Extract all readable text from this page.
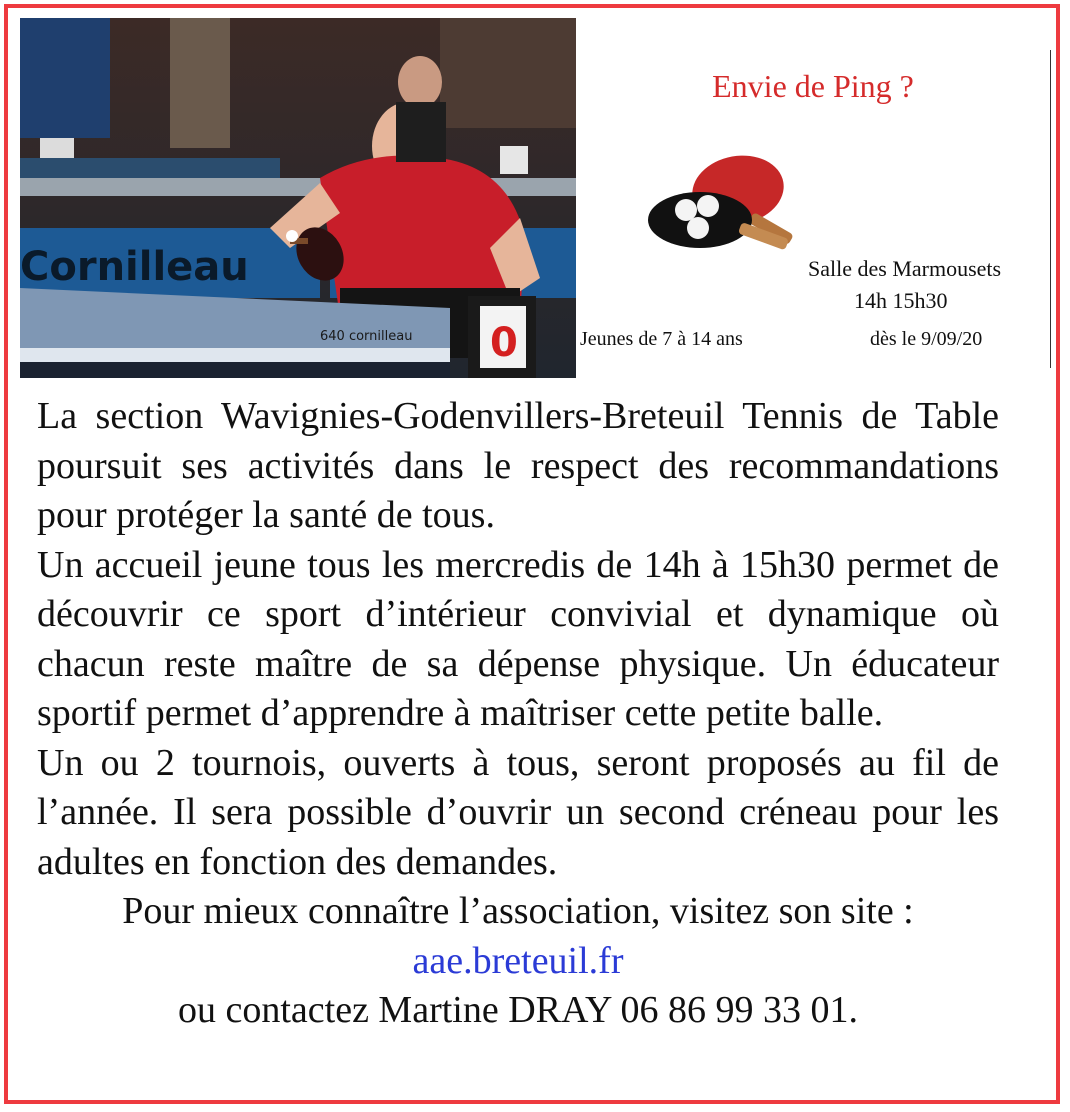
Cornilleau
640 cornilleau 0
Envie de Ping ?
Salle des Marmousets
14h 15h30
Jeunes de 7 à 14 ans	dès le 9/09/20
La section Wavignies-Godenvillers-Breteuil Tennis de Table poursuit ses activités dans le respect des recommandations pour protéger la santé de tous.
Un accueil jeune tous les mercredis de 14h à 15h30 permet de découvrir ce sport d’intérieur convivial et dynamique où chacun reste maître de sa dépense physique. Un éducateur sportif permet d’apprendre à maîtriser cette petite balle.
Un ou 2 tournois, ouverts à tous, seront proposés au fil de l’année. Il sera possible d’ouvrir un second créneau pour les adultes en fonction des demandes.
Pour mieux connaître l’association, visitez son site :
aae.breteuil.fr
ou contactez Martine DRAY 06 86 99 33 01.
